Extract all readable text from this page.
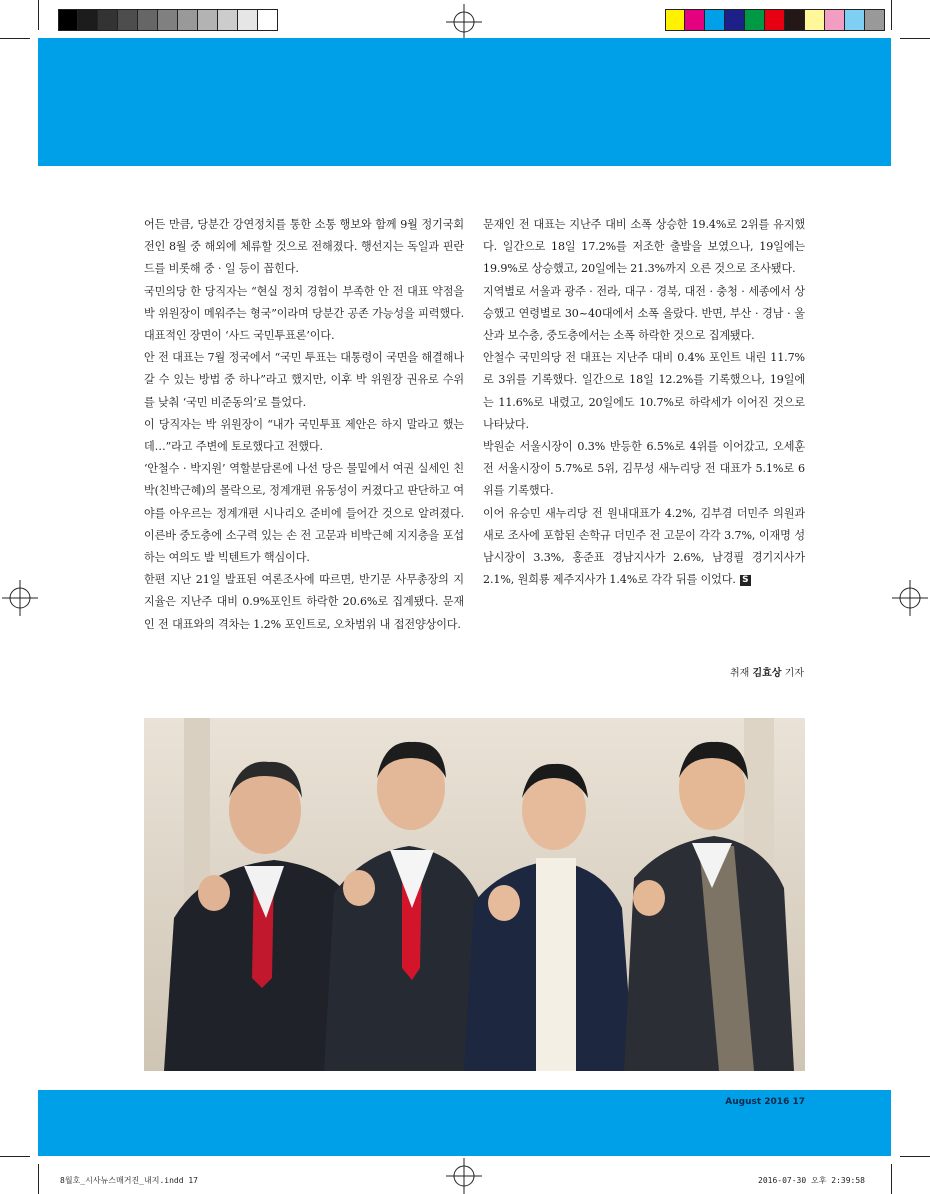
어든 만큼, 당분간 강연정치를 통한 소통 행보와 함께 9월 정기국회 전인 8월 중 해외에 체류할 것으로 전해졌다. 행선지는 독일과 핀란드를 비롯해 중 · 일 등이 꼽힌다.

국민의당 한 당직자는 “현실 정치 경험이 부족한 안 전 대표 약점을 박 위원장이 메워주는 형국”이라며 당분간 공존 가능성을 피력했다. 대표적인 장면이 ‘사드 국민투표론’이다.

안 전 대표는 7월 정국에서 “국민 투표는 대통령이 국면을 해결해나갈 수 있는 방법 중 하나”라고 했지만, 이후 박 위원장 권유로 수위를 낮춰 ‘국민 비준동의’로 틀었다.

이 당직자는 박 위원장이 “내가 국민투표 제안은 하지 말라고 했는데…”라고 주변에 토로했다고 전했다.

‘안철수 · 박지원’ 역할분담론에 나선 당은 물밑에서 여권 실세인 친박(친박근혜)의 몰락으로, 정계개편 유동성이 커졌다고 판단하고 여야를 아우르는 정계개편 시나리오 준비에 들어간 것으로 알려졌다. 이른바 중도층에 소구력 있는 손 전 고문과 비박근혜 지지층을 포섭하는 여의도 발 빅텐트가 핵심이다.

한편 지난 21일 발표된 여론조사에 따르면, 반기문 사무총장의 지지율은 지난주 대비 0.9%포인트 하락한 20.6%로 집계됐다. 문재인 전 대표와의 격차는 1.2% 포인트로, 오차범위 내 접전양상이다.

문재인 전 대표는 지난주 대비 소폭 상승한 19.4%로 2위를 유지했다. 일간으로 18일 17.2%를 저조한 출발을 보였으나, 19일에는 19.9%로 상승했고, 20일에는 21.3%까지 오른 것으로 조사됐다.

지역별로 서울과 광주 · 전라, 대구 · 경북, 대전 · 충청 · 세종에서 상승했고 연령별로 30~40대에서 소폭 올랐다. 반면, 부산 · 경남 · 울산과 보수층, 중도층에서는 소폭 하락한 것으로 집계됐다.

안철수 국민의당 전 대표는 지난주 대비 0.4% 포인트 내린 11.7%로 3위를 기록했다. 일간으로 18일 12.2%를 기록했으나, 19일에는 11.6%로 내렸고, 20일에도 10.7%로 하락세가 이어진 것으로 나타났다.

박원순 서울시장이 0.3% 반등한 6.5%로 4위를 이어갔고, 오세훈 전 서울시장이 5.7%로 5위, 김무성 새누리당 전 대표가 5.1%로 6위를 기록했다.

이어 유승민 새누리당 전 원내대표가 4.2%, 김부겸 더민주 의원과 새로 조사에 포함된 손학규 더민주 전 고문이 각각 3.7%, 이재명 성남시장이 3.3%, 홍준표 경남지사가 2.6%, 남경필 경기지사가 2.1%, 원희룡 제주지사가 1.4%로 각각 뒤를 이었다. S

취재 김효상 기자
August 2016 17
8월호_시사뉴스매거진_내지.indd 17	2016-07-30 오후 2:39:58
